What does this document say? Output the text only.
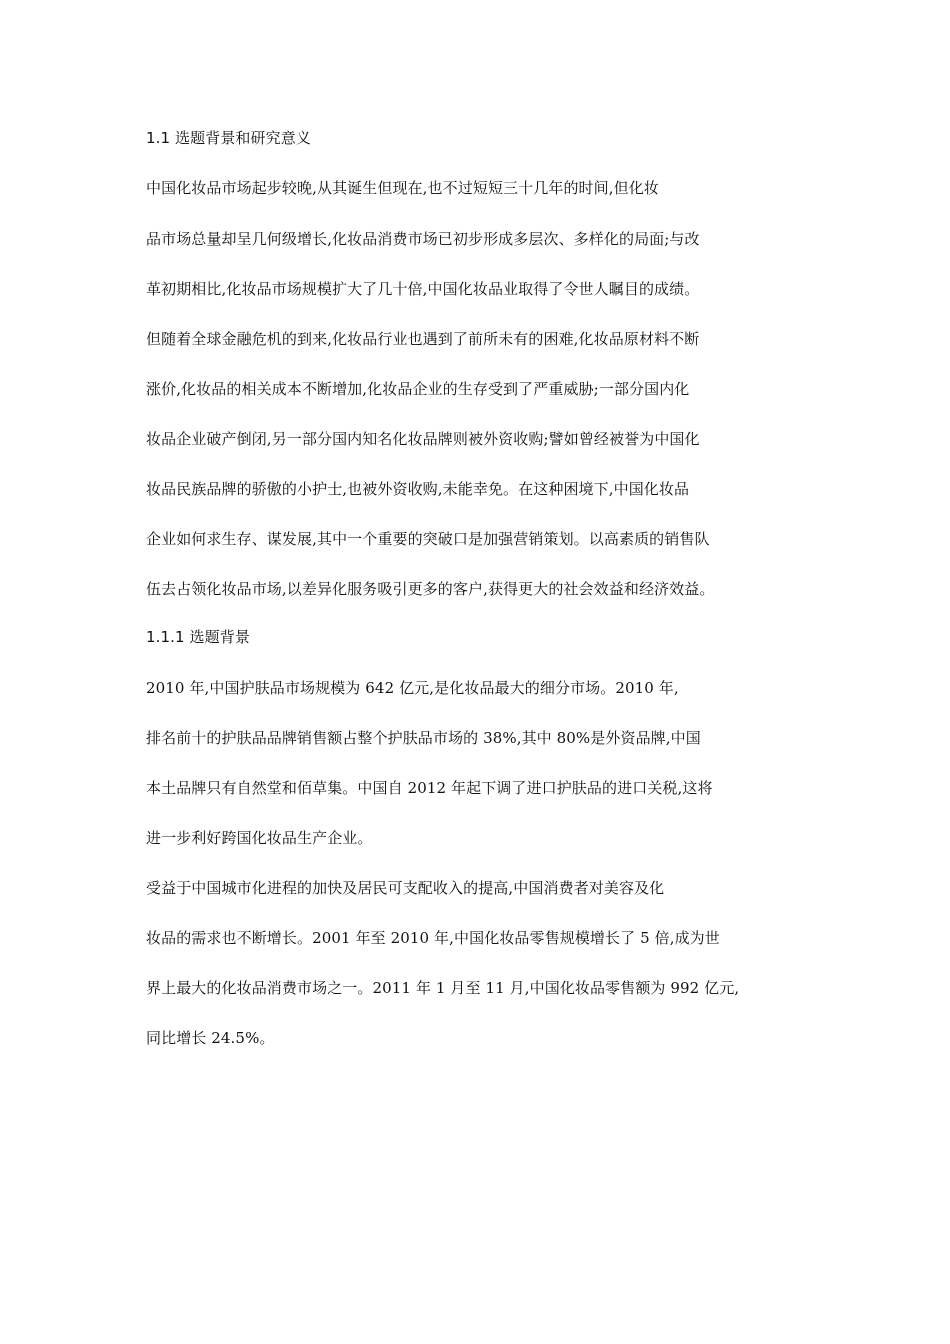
1.1 选题背景和研究意义
中国化妆品市场起步较晚,从其诞生但现在,也不过短短三十几年的时间,但化妆
品市场总量却呈几何级增长,化妆品消费市场已初步形成多层次、多样化的局面;与改
革初期相比,化妆品市场规模扩大了几十倍,中国化妆品业取得了令世人瞩目的成绩。
但随着全球金融危机的到来,化妆品行业也遇到了前所未有的困难,化妆品原材料不断
涨价,化妆品的相关成本不断增加,化妆品企业的生存受到了严重威胁;一部分国内化
妆品企业破产倒闭,另一部分国内知名化妆品牌则被外资收购;譬如曾经被誉为中国化
妆品民族品牌的骄傲的小护士,也被外资收购,未能幸免。在这种困境下,中国化妆品
企业如何求生存、谋发展,其中一个重要的突破口是加强营销策划。以高素质的销售队
伍去占领化妆品市场,以差异化服务吸引更多的客户,获得更大的社会效益和经济效益。
1.1.1 选题背景
2010 年,中国护肤品市场规模为 642 亿元,是化妆品最大的细分市场。2010 年,
排名前十的护肤品品牌销售额占整个护肤品市场的 38%,其中 80%是外资品牌,中国
本土品牌只有自然堂和佰草集。中国自 2012 年起下调了进口护肤品的进口关税,这将
进一步利好跨国化妆品生产企业。
受益于中国城市化进程的加快及居民可支配收入的提高,中国消费者对美容及化
妆品的需求也不断增长。2001 年至 2010 年,中国化妆品零售规模增长了 5 倍,成为世
界上最大的化妆品消费市场之一。2011 年 1 月至 11 月,中国化妆品零售额为 992 亿元,
同比增长 24.5%。
